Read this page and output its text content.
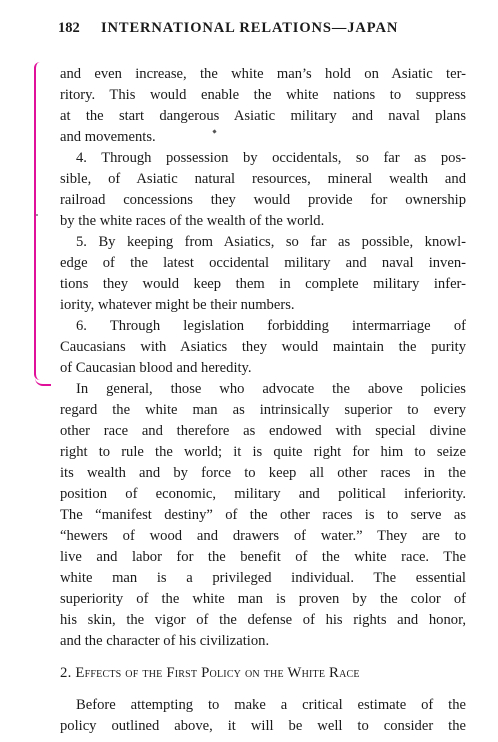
182 INTERNATIONAL RELATIONS—JAPAN
and even increase, the white man’s hold on Asiatic ter-
ritory. This would enable the white nations to suppress
at the start dangerous Asiatic military and naval plans
and movements.
4. Through possession by occidentals, so far as pos-
sible, of Asiatic natural resources, mineral wealth and
railroad concessions they would provide for ownership
by the white races of the wealth of the world.
5. By keeping from Asiatics, so far as possible, knowl-
edge of the latest occidental military and naval inven-
tions they would keep them in complete military infer-
iority, whatever might be their numbers.
6. Through legislation forbidding intermarriage of
Caucasians with Asiatics they would maintain the purity
of Caucasian blood and heredity.
In general, those who advocate the above policies
regard the white man as intrinsically superior to every
other race and therefore as endowed with special divine
right to rule the world; it is quite right for him to seize
its wealth and by force to keep all other races in the
position of economic, military and political inferiority.
The “manifest destiny” of the other races is to serve as
“hewers of wood and drawers of water.” They are to
live and labor for the benefit of the white race. The
white man is a privileged individual. The essential
superiority of the white man is proven by the color of
his skin, the vigor of the defense of his rights and honor,
and the character of his civilization.
2. Effects of the First Policy on the White Race
Before attempting to make a critical estimate of the
policy outlined above, it will be well to consider the
